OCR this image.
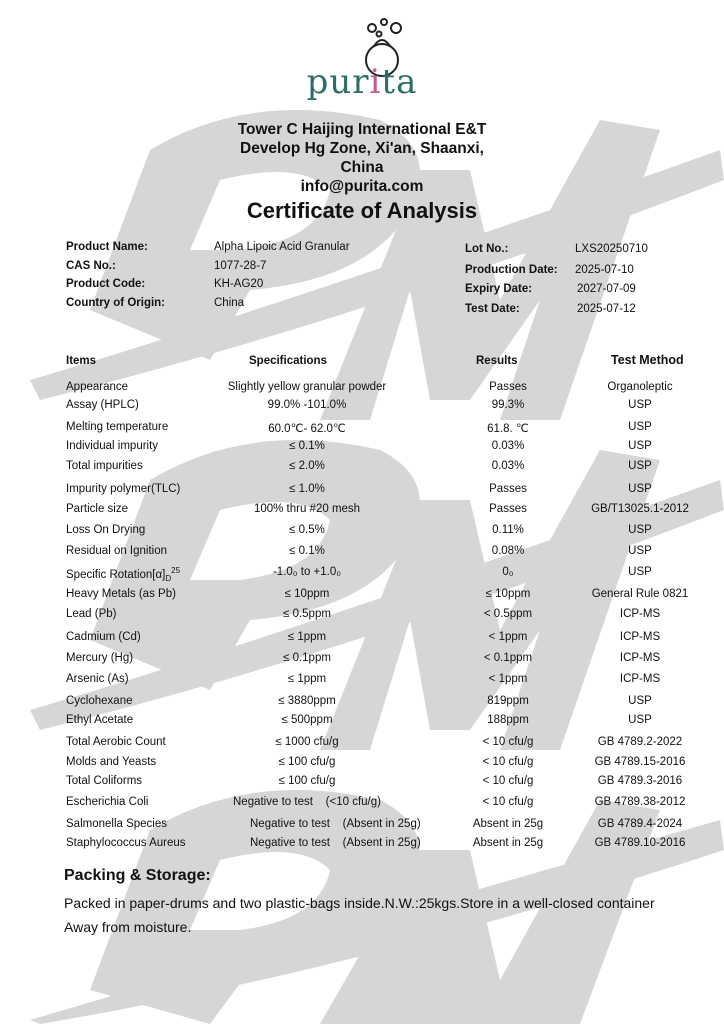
purita
Tower C Haijing International E&T
Develop Hg Zone, Xi'an, Shaanxi,
China
info@purita.com
Certificate of Analysis
Product Name:	Alpha Lipoic Acid Granular
CAS No.:	1077-28-7
Product Code:	KH-AG20
Country of Origin:	China
Lot No.:	LXS20250710
Production Date: 2025-07-10
Expiry Date:	2027-07-09
Test Date:	2025-07-12
Items	Specifications	Results	Test Method
Appearance	Slightly yellow granular powder	Passes	Organoleptic
Assay (HPLC)	99.0% -101.0%	99.3%	USP
Melting temperature	60.0℃- 62.0℃	61.8. ℃	USP
Individual impurity	≤ 0.1%	0.03%	USP
Total impurities	≤ 2.0%	0.03%	USP
Impurity polymer(TLC)	≤ 1.0%	Passes	USP
Particle size	100% thru #20 mesh	Passes	GB/T13025.1-2012
Loss On Drying	≤ 0.5%	0.11%	USP
Residual on Ignition	≤ 0.1%	0.08%	USP
Specific $Rotation[\alpha]_D^{25}$	-1.0₀ to +1.0₀	0₀	USP
Heavy Metals (as Pb)	≤ 10ppm	≤ 10ppm	General Rule 0821
Lead (Pb)	≤ 0.5ppm	< 0.5ppm	ICP-MS
Cadmium (Cd)	≤ 1ppm	< 1ppm	ICP-MS
Mercury (Hg)	≤ 0.1ppm	< 0.1ppm	ICP-MS
Arsenic (As)	≤ 1ppm	< 1ppm	ICP-MS
Cyclohexane	≤ 3880ppm	819ppm	USP
Ethyl Acetate	≤ 500ppm	188ppm	USP
Total Aerobic Count	≤ 1000 cfu/g	< 10 cfu/g	GB 4789.2-2022
Molds and Yeasts	≤ 100 cfu/g	< 10 cfu/g	GB 4789.15-2016
Total Coliforms	≤ 100 cfu/g	< 10 cfu/g	GB 4789.3-2016
Escherichia Coli	Negative to test    (<10 cfu/g)	< 10 cfu/g	GB 4789.38-2012
Salmonella Species	Negative to test    (Absent in 25g)	Absent in 25g	GB 4789.4-2024
Staphylococcus Aureus	Negative to test    (Absent in 25g)	Absent in 25g	GB 4789.10-2016
Packing & Storage:
Packed in paper-drums and two plastic-bags inside.N.W.:25kgs.Store in a well-closed container Away from moisture.
